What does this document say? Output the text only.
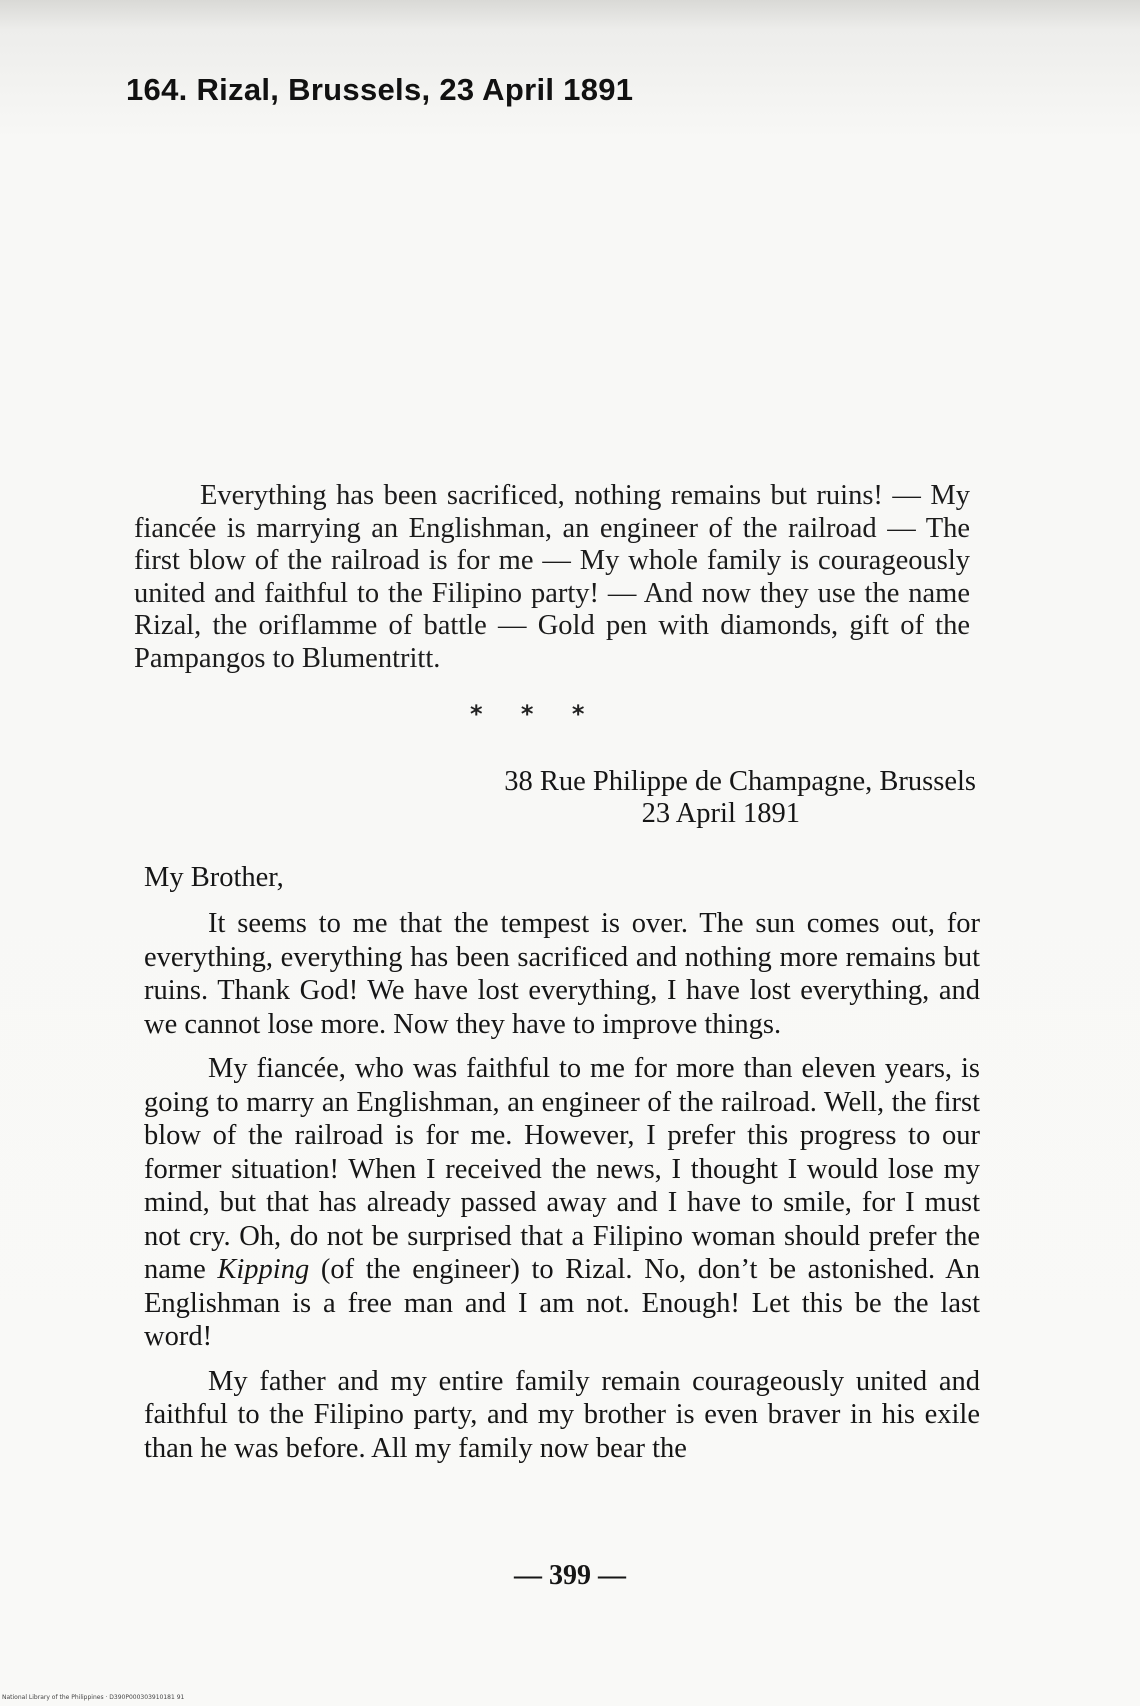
164. Rizal, Brussels, 23 April 1891
Everything has been sacrificed, nothing remains but ruins! — My fiancée is marrying an Englishman, an engineer of the railroad — The first blow of the railroad is for me — My whole family is courageously united and faithful to the Filipino party! — And now they use the name Rizal, the oriflamme of battle — Gold pen with diamonds, gift of the Pampangos to Blumentritt.
* * *
38 Rue Philippe de Champagne, Brussels
23 April 1891
My Brother,

It seems to me that the tempest is over. The sun comes out, for everything, everything has been sacrificed and nothing more remains but ruins. Thank God! We have lost everything, I have lost everything, and we cannot lose more. Now they have to improve things.

My fiancée, who was faithful to me for more than eleven years, is going to marry an Englishman, an engineer of the railroad. Well, the first blow of the railroad is for me. However, I prefer this progress to our former situation! When I received the news, I thought I would lose my mind, but that has already passed away and I have to smile, for I must not cry. Oh, do not be surprised that a Filipino woman should prefer the name Kipping (of the engineer) to Rizal. No, don’t be astonished. An Englishman is a free man and I am not. Enough! Let this be the last word!

My father and my entire family remain courageously united and faithful to the Filipino party, and my brother is even braver in his exile than he was before. All my family now bear the

— 399 —
National Library of the Philippines · D390P000303910181 91
